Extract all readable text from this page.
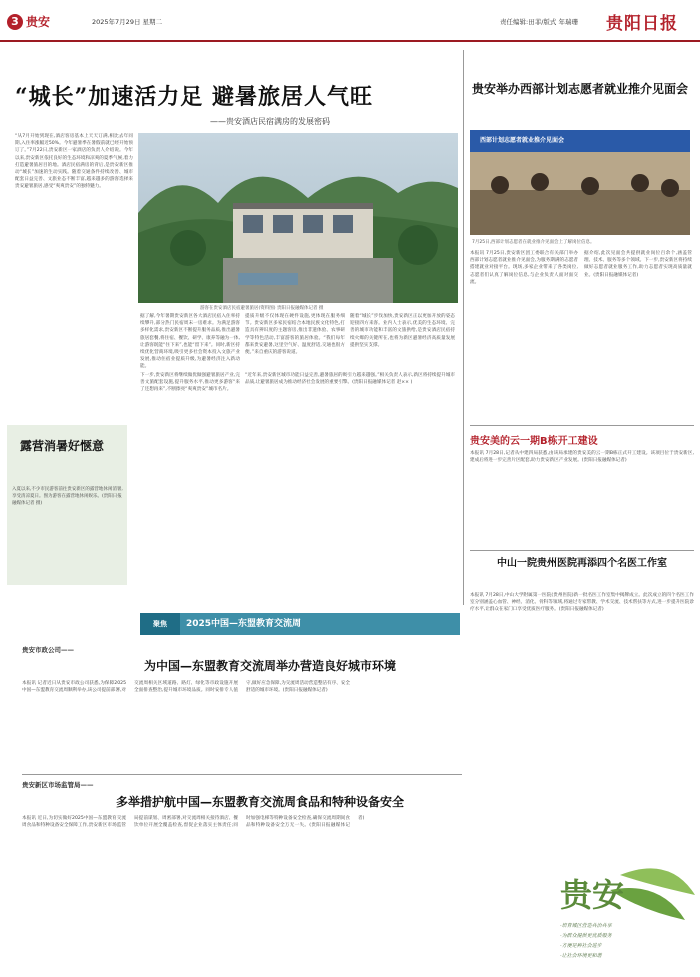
3 贵安	2025年7月29日 星期二	责任编辑:田菲/版式 年瑞珊 贵阳日报
“城长”加速活力足 避暑旅居人气旺
——贵安酒店民宿满房的发展密码
“从7月开始到现在,酒店客房基本上天天订满,相比去年同期,入住率涨幅近50%。今年避暑季在暑假前就已经开始预订了。”7月22日,贵安新区一家酒店的负责人介绍说。今年以来,贵安新区依托良好的生态环境和凉爽的夏季气候,着力打造避暑旅居目的地。酒店民宿满房的背后,是贵安新区推动“城长”加速的生动实践。随着交通条件持续改善、城市配套日益完善、文旅业态不断丰富,越来越多的游客选择来贵安避暑旅居,感受“爽爽贵安”的独特魅力。
游客在贵安酒店民宿避暑旅居(资料图) 贵阳日报融媒体记者 摄
据了解,今年暑期贵安新区各大酒店民宿入住率持续攀升,部分热门民宿周末一房难求。为满足游客多样化需求,贵安新区不断提升服务品质,推出避暑旅居套餐,将住宿、餐饮、研学、康养等融为一体,让游客既能“住下来”,也能“留下来”。同时,新区持续优化营商环境,吸引更多社会资本投入文旅产业发展,推动住宿业提质升级,为避暑经济注入新动能。
提质升级不仅体现在硬件设施,更体现在服务细节。贵安新区多家民宿结合本地民族文化特色,打造具有辨识度的主题客房,推出非遗体验、农事研学等特色活动,丰富游客的旅居体验。“我们每年都来贵安避暑,这里空气好、温度舒适,交通也很方便。”来自重庆的游客说道。
随着“城长”步伐加快,贵安新区正以更加开放的姿态迎接四方来客。业内人士表示,优美的生态环境、完善的城市功能和丰富的文旅供给,是贵安酒店民宿持续火爆的关键所在,也将为新区避暑经济高质量发展提供坚实支撑。
下一步,贵安新区将继续做优做强避暑旅居产业,完善文旅配套设施,提升服务水平,推动更多游客“来了还想再来”,不断擦亮“爽爽贵安”城市名片。
“近年来,贵安新区城市功能日益完善,避暑旅居的吸引力越来越强。”相关负责人表示,新区将持续提升城市品质,让避暑旅居成为推动经济社会发展的重要引擎。(贵阳日报融媒体记者 赵×× )
贵安举办西部计划志愿者就业推介见面会
西部计划志愿者就业推介见面会
7月25日,西部计划志愿者在就业推介见面会上了解岗位信息。
本报讯 7月25日,贵安新区团工委联合有关部门举办西部计划志愿者就业推介见面会,为服务期满的志愿者搭建就业对接平台。现场,多家企业带来了各类岗位,志愿者们认真了解岗位信息,与企业负责人面对面交流。
据介绍,此次见面会共提供就业岗位百余个,涵盖管理、技术、服务等多个领域。下一步,贵安新区将持续做好志愿者就业服务工作,助力志愿者实现高质量就业。(贵阳日报融媒体记者)
露营消暑好惬意
入夏以来,不少市民游客前往贵安新区的露营地休闲消暑,享受清凉夏日。图为游客在露营地休闲娱乐。(贵阳日报融媒体记者 摄)
贵安美的云一期B栋开工建设
本报讯 7月28日,记者从中建四局获悉,由该局承建的贵安美的云一期B栋正式开工建设。该项目位于贵安新区,建成后将进一步完善片区配套,助力贵安新区产业发展。(贵阳日报融媒体记者)
中山一院贵州医院再添四个名医工作室
本报讯 7月28日,中山大学附属第一医院(贵州医院)新一批名医工作室集中揭牌成立。此次成立的四个名医工作室分别涵盖心血管、神经、消化、骨科等领域,将通过专家带教、学术交流、技术帮扶等方式,进一步提升医院诊疗水平,让群众在家门口享受优质医疗服务。(贵阳日报融媒体记者)
聚焦	2025中国—东盟教育交流周
贵安市政公司——
为中国—东盟教育交流周举办营造良好城市环境
本报讯 记者近日从贵安市政公司获悉,为保障2025中国—东盟教育交流周顺利举办,该公司提前部署,对交流周相关区域道路、路灯、绿化等市政设施开展全面排查整治,提升城市环境品质。同时安排专人值守,做好应急保障,为交流周活动营造整洁有序、安全舒适的城市环境。(贵阳日报融媒体记者)
贵安新区市场监管局——
多举措护航中国—东盟教育交流周食品和特种设备安全
本报讯 近日,为切实做好2025中国—东盟教育交流周食品和特种设备安全保障工作,贵安新区市场监管局提前谋划、周密部署,对交流周相关接待酒店、餐饮单位开展全覆盖检查,督促企业落实主体责任;同时加强电梯等特种设备安全检查,确保交流周期间食品和特种设备安全万无一失。(贵阳日报融媒体记者)
贵安
·培育城区营造共治共享
·为群众提供更优质服务
·方便是种社会进步
·让社会环境更和谐
